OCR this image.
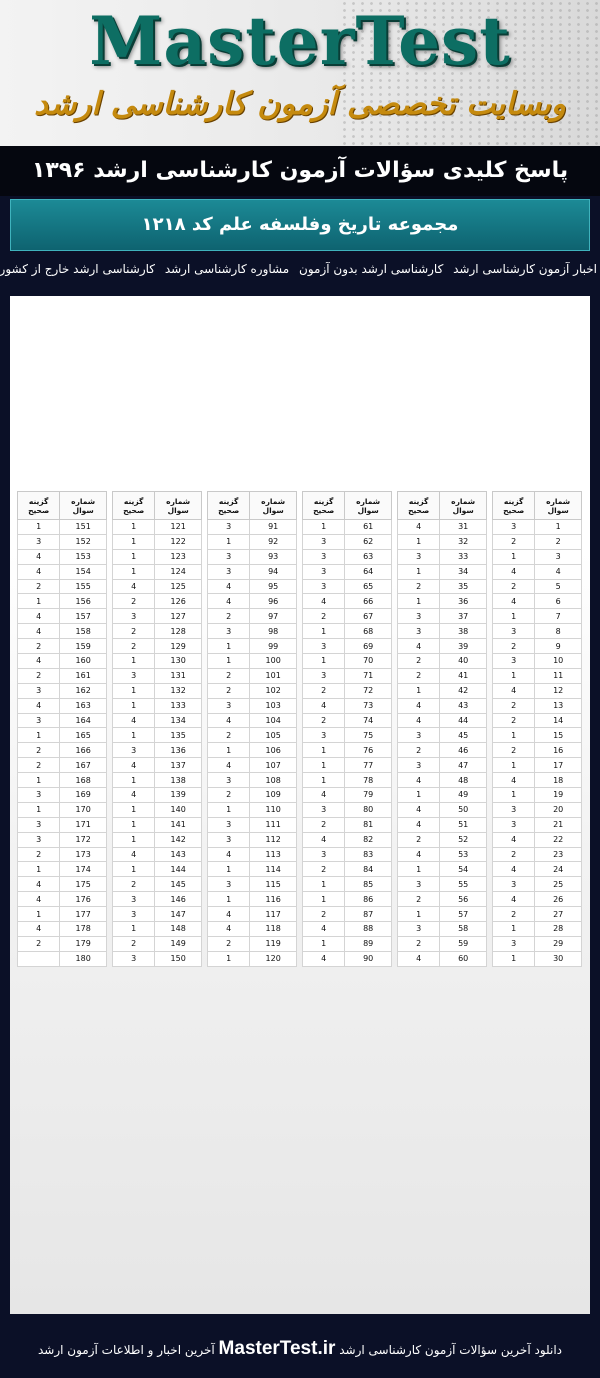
MasterTest
وبسایت تخصصی آزمون کارشناسی ارشد
پاسخ کلیدی سؤالات آزمون کارشناسی ارشد ۱۳۹۶
مجموعه تاریخ وفلسفه علم کد ۱۲۱۸
اخبار آزمون کارشناسی ارشد کارشناسی ارشد بدون آزمون مشاوره کارشناسی ارشد کارشناسی ارشد خارج از کشور
شماره سوال	گزینه صحیح
1	3
2	2
3	1
4	4
5	2
6	4
7	1
8	3
9	2
10	3
11	1
12	4
13	2
14	2
15	1
16	2
17	1
18	4
19	1
20	3
21	3
22	4
23	2
24	4
25	3
26	4
27	2
28	1
29	3
30	1
شماره سوال	گزینه صحیح
31	4
32	1
33	3
34	1
35	2
36	1
37	3
38	3
39	4
40	2
41	2
42	1
43	4
44	4
45	3
46	2
47	3
48	4
49	1
50	4
51	4
52	2
53	4
54	1
55	3
56	2
57	1
58	3
59	2
60	4
شماره سوال	گزینه صحیح
61	1
62	3
63	3
64	3
65	3
66	4
67	2
68	1
69	3
70	1
71	3
72	2
73	4
74	2
75	3
76	1
77	1
78	1
79	4
80	3
81	2
82	4
83	3
84	2
85	1
86	1
87	2
88	4
89	1
90	4
شماره سوال	گزینه صحیح
91	3
92	1
93	3
94	3
95	4
96	4
97	2
98	3
99	1
100	1
101	2
102	2
103	3
104	4
105	2
106	1
107	4
108	3
109	2
110	1
111	3
112	3
113	4
114	1
115	3
116	1
117	4
118	4
119	2
120	1
شماره سوال	گزینه صحیح
121	1
122	1
123	1
124	1
125	4
126	2
127	3
128	2
129	2
130	1
131	3
132	1
133	1
134	4
135	1
136	3
137	4
138	1
139	4
140	1
141	1
142	1
143	4
144	1
145	2
146	3
147	3
148	1
149	2
150	3
شماره سوال	گزینه صحیح
151	1
152	3
153	4
154	4
155	2
156	1
157	4
158	4
159	2
160	4
161	2
162	3
163	4
164	3
165	1
166	2
167	2
168	1
169	3
170	1
171	3
172	3
173	2
174	1
175	4
176	4
177	1
178	4
179	2
180	
دانلود آخرین سؤالات آزمون کارشناسی ارشد MasterTest.ir آخرین اخبار و اطلاعات آزمون ارشد
